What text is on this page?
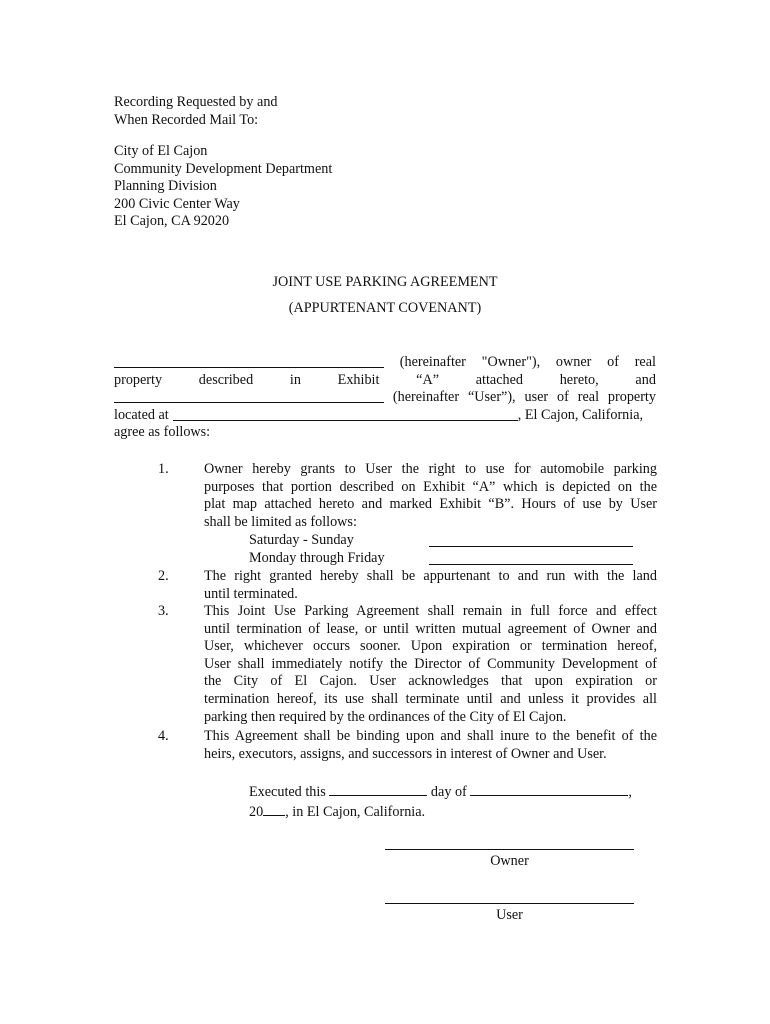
Recording Requested by and
When Recorded Mail To:
City of El Cajon
Community Development Department
Planning Division
200 Civic Center Way
El Cajon, CA 92020
JOINT USE PARKING AGREEMENT
(APPURTENANT COVENANT)
(hereinafter "Owner"), owner of real
property	described	in	Exhibit	“A”	attached	hereto,	and
(hereinafter “User”), user of real property
located at	, El Cajon, California,
agree as follows:
1.	Owner hereby grants to User the right to use for automobile parking
purposes that portion described on Exhibit “A” which is depicted on the
plat map attached hereto and marked Exhibit “B”. Hours of use by User
shall be limited as follows:
Saturday - Sunday
Monday through Friday
2.	The right granted hereby shall be appurtenant to and run with the land
until terminated.
3.	This Joint Use Parking Agreement shall remain in full force and effect
until termination of lease, or until written mutual agreement of Owner and
User, whichever occurs sooner. Upon expiration or termination hereof,
User shall immediately notify the Director of Community Development of
the City of El Cajon. User acknowledges that upon expiration or
termination hereof, its use shall terminate until and unless it provides all
parking then required by the ordinances of the City of El Cajon.
4.	This Agreement shall be binding upon and shall inure to the benefit of the
heirs, executors, assigns, and successors in interest of Owner and User.
Executed this	day of	,
20 , in El Cajon, California.
Owner
User
